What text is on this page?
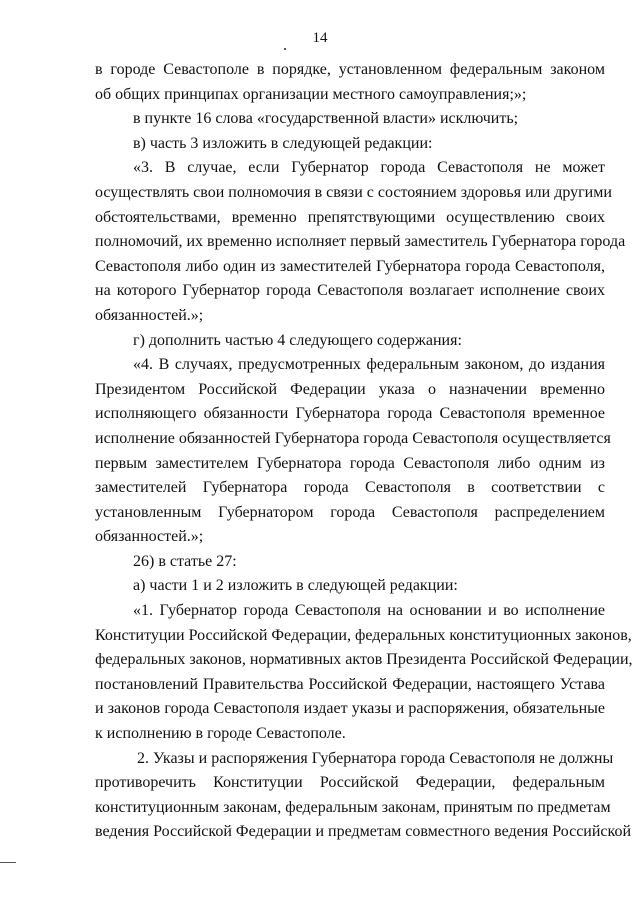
14
в городе Севастополе в порядке, установленном федеральным законом
об общих принципах организации местного самоуправления;»;
в пункте 16 слова «государственной власти» исключить;
в) часть 3 изложить в следующей редакции:
«3. В случае, если Губернатор города Севастополя не может
осуществлять свои полномочия в связи с состоянием здоровья или другими
обстоятельствами, временно препятствующими осуществлению своих
полномочий, их временно исполняет первый заместитель Губернатора города
Севастополя либо один из заместителей Губернатора города Севастополя,
на которого Губернатор города Севастополя возлагает исполнение своих
обязанностей.»;
г) дополнить частью 4 следующего содержания:
«4. В случаях, предусмотренных федеральным законом, до издания
Президентом Российской Федерации указа о назначении временно
исполняющего обязанности Губернатора города Севастополя временное
исполнение обязанностей Губернатора города Севастополя осуществляется
первым заместителем Губернатора города Севастополя либо одним из
заместителей Губернатора города Севастополя в соответствии с
установленным Губернатором города Севастополя распределением
обязанностей.»;
26) в статье 27:
а) части 1 и 2 изложить в следующей редакции:
«1. Губернатор города Севастополя на основании и во исполнение
Конституции Российской Федерации, федеральных конституционных законов,
федеральных законов, нормативных актов Президента Российской Федерации,
постановлений Правительства Российской Федерации, настоящего Устава
и законов города Севастополя издает указы и распоряжения, обязательные
к исполнению в городе Севастополе.
2. Указы и распоряжения Губернатора города Севастополя не должны
противоречить Конституции Российской Федерации, федеральным
конституционным законам, федеральным законам, принятым по предметам
ведения Российской Федерации и предметам совместного ведения Российской
